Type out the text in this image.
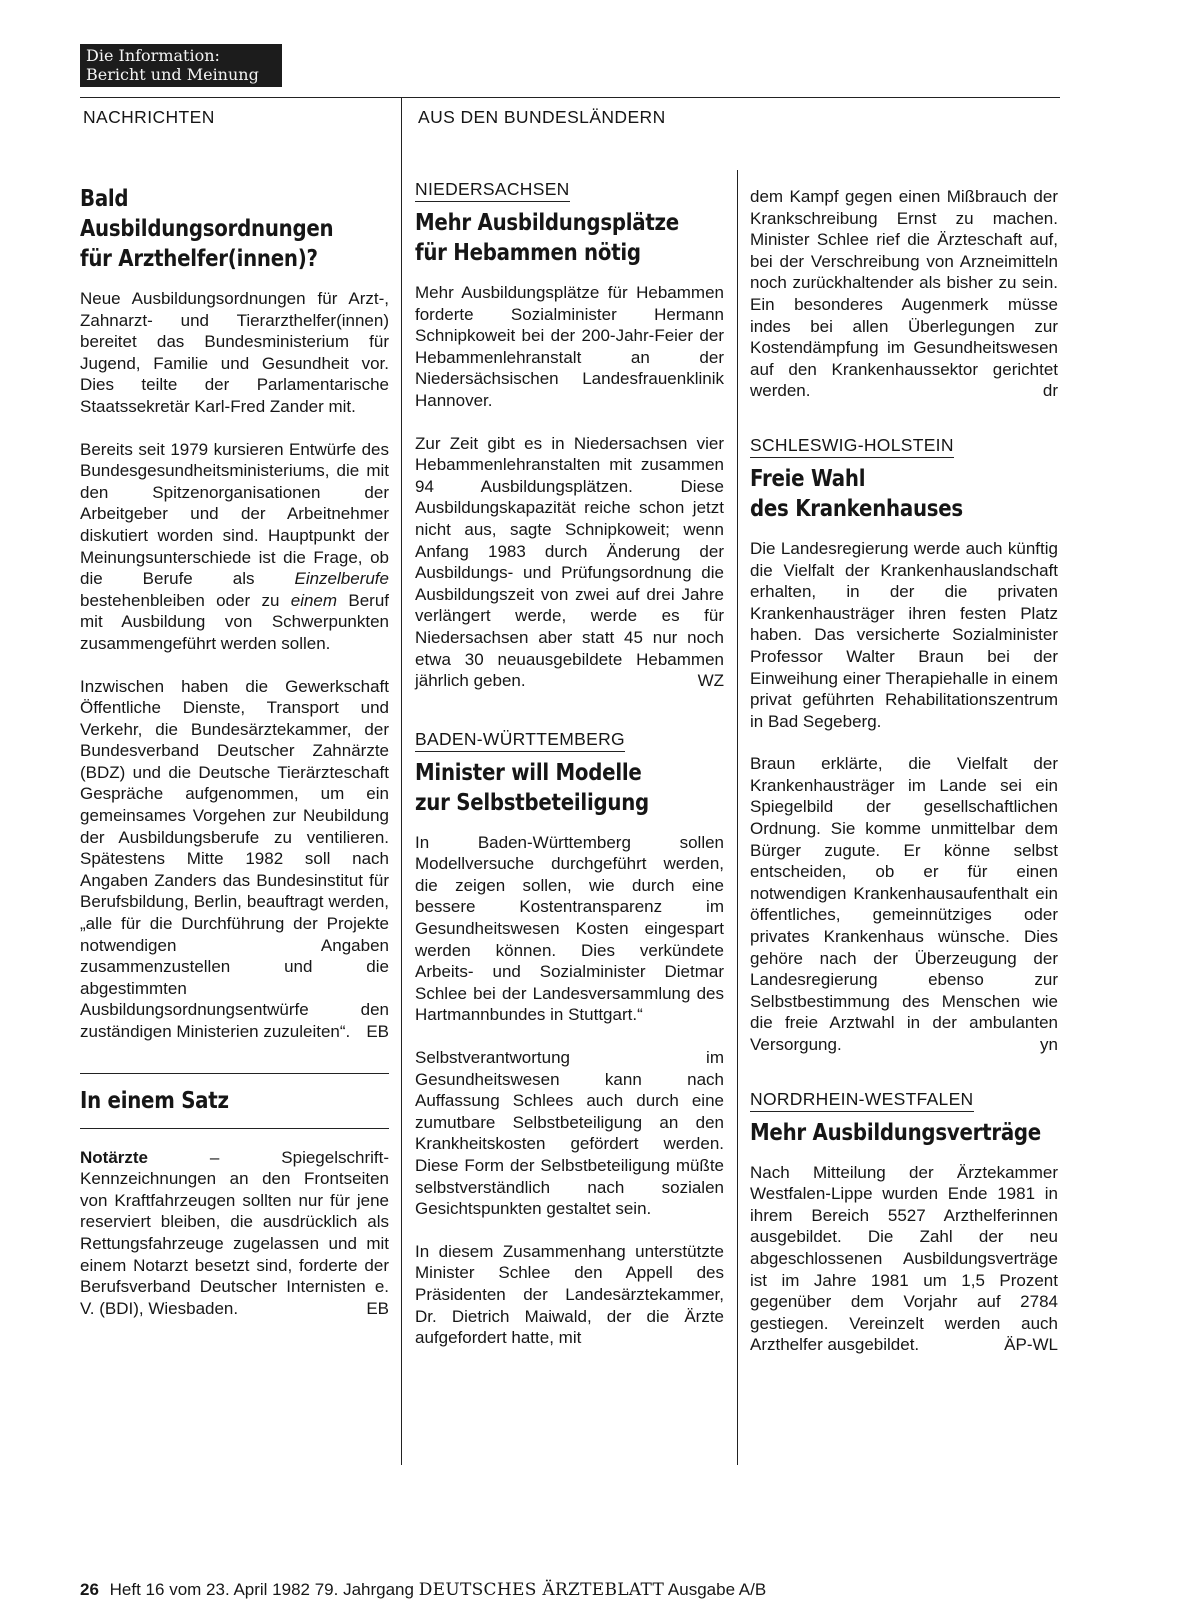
Die Information:
Bericht und Meinung
NACHRICHTEN	AUS DEN BUNDESLÄNDERN
Bald
Ausbildungsordnungen
für Arzthelfer(innen)?

Neue Ausbildungsordnungen für Arzt-, Zahnarzt- und Tierarzthelfer(innen) bereitet das Bundesministerium für Jugend, Familie und Gesundheit vor. Dies teilte der Parlamentarische Staatssekretär Karl-Fred Zander mit.

Bereits seit 1979 kursieren Entwürfe des Bundesgesundheitsministeriums, die mit den Spitzenorganisationen der Arbeitgeber und der Arbeitnehmer diskutiert worden sind. Hauptpunkt der Meinungsunterschiede ist die Frage, ob die Berufe als Einzelberufe bestehenbleiben oder zu einem Beruf mit Ausbildung von Schwerpunkten zusammengeführt werden sollen.

Inzwischen haben die Gewerkschaft Öffentliche Dienste, Transport und Verkehr, die Bundesärztekammer, der Bundesverband Deutscher Zahnärzte (BDZ) und die Deutsche Tierärzteschaft Gespräche aufgenommen, um ein gemeinsames Vorgehen zur Neubildung der Ausbildungsberufe zu ventilieren. Spätestens Mitte 1982 soll nach Angaben Zanders das Bundesinstitut für Berufsbildung, Berlin, beauftragt werden, „alle für die Durchführung der Projekte notwendigen Angaben zusammenzustellen und die abgestimmten Ausbildungsordnungsentwürfe den zuständigen Ministerien zuzuleiten“. EB

In einem Satz

Notärzte – Spiegelschrift-Kennzeichnungen an den Frontseiten von Kraftfahrzeugen sollten nur für jene reserviert bleiben, die ausdrücklich als Rettungsfahrzeuge zugelassen und mit einem Notarzt besetzt sind, forderte der Berufsverband Deutscher Internisten e. V. (BDI), Wiesbaden.	EB

NIEDERSACHSEN
Mehr Ausbildungsplätze
für Hebammen nötig

Mehr Ausbildungsplätze für Hebammen forderte Sozialminister Hermann Schnipkoweit bei der 200-Jahr-Feier der Hebammenlehranstalt an der Niedersächsischen Landesfrauenklinik Hannover.

Zur Zeit gibt es in Niedersachsen vier Hebammenlehranstalten mit zusammen 94 Ausbildungsplätzen. Diese Ausbildungskapazität reiche schon jetzt nicht aus, sagte Schnipkoweit; wenn Anfang 1983 durch Änderung der Ausbildungs- und Prüfungsordnung die Ausbildungszeit von zwei auf drei Jahre verlängert werde, werde es für Niedersachsen aber statt 45 nur noch etwa 30 neuausgebildete Hebammen jährlich geben.	WZ

BADEN-WÜRTTEMBERG
Minister will Modelle
zur Selbstbeteiligung

In Baden-Württemberg sollen Modellversuche durchgeführt werden, die zeigen sollen, wie durch eine bessere Kostentransparenz im Gesundheitswesen Kosten eingespart werden können. Dies verkündete Arbeits- und Sozialminister Dietmar Schlee bei der Landesversammlung des Hartmannbundes in Stuttgart.“

Selbstverantwortung im Gesundheitswesen kann nach Auffassung Schlees auch durch eine zumutbare Selbstbeteiligung an den Krankheitskosten gefördert werden. Diese Form der Selbstbeteiligung müßte selbstverständlich nach sozialen Gesichtspunkten gestaltet sein.

In diesem Zusammenhang unterstützte Minister Schlee den Appell des Präsidenten der Landesärztekammer, Dr. Dietrich Maiwald, der die Ärzte aufgefordert hatte, mit

dem Kampf gegen einen Mißbrauch der Krankschreibung Ernst zu machen. Minister Schlee rief die Ärzteschaft auf, bei der Verschreibung von Arzneimitteln noch zurückhaltender als bisher zu sein. Ein besonderes Augenmerk müsse indes bei allen Überlegungen zur Kostendämpfung im Gesundheitswesen auf den Krankenhaussektor gerichtet werden.	dr

SCHLESWIG-HOLSTEIN
Freie Wahl
des Krankenhauses

Die Landesregierung werde auch künftig die Vielfalt der Krankenhauslandschaft erhalten, in der die privaten Krankenhausträger ihren festen Platz haben. Das versicherte Sozialminister Professor Walter Braun bei der Einweihung einer Therapiehalle in einem privat geführten Rehabilitationszentrum in Bad Segeberg.

Braun erklärte, die Vielfalt der Krankenhausträger im Lande sei ein Spiegelbild der gesellschaftlichen Ordnung. Sie komme unmittelbar dem Bürger zugute. Er könne selbst entscheiden, ob er für einen notwendigen Krankenhausaufenthalt ein öffentliches, gemeinnütziges oder privates Krankenhaus wünsche. Dies gehöre nach der Überzeugung der Landesregierung ebenso zur Selbstbestimmung des Menschen wie die freie Arztwahl in der ambulanten Versorgung.	yn

NORDRHEIN-WESTFALEN
Mehr Ausbildungsverträge

Nach Mitteilung der Ärztekammer Westfalen-Lippe wurden Ende 1981 in ihrem Bereich 5527 Arzthelferinnen ausgebildet. Die Zahl der neu abgeschlossenen Ausbildungsverträge ist im Jahre 1981 um 1,5 Prozent gegenüber dem Vorjahr auf 2784 gestiegen. Vereinzelt werden auch Arzthelfer ausgebildet.	ÄP-WL

26 Heft 16 vom 23. April 1982 79. Jahrgang DEUTSCHES ÄRZTEBLATT Ausgabe A/B
